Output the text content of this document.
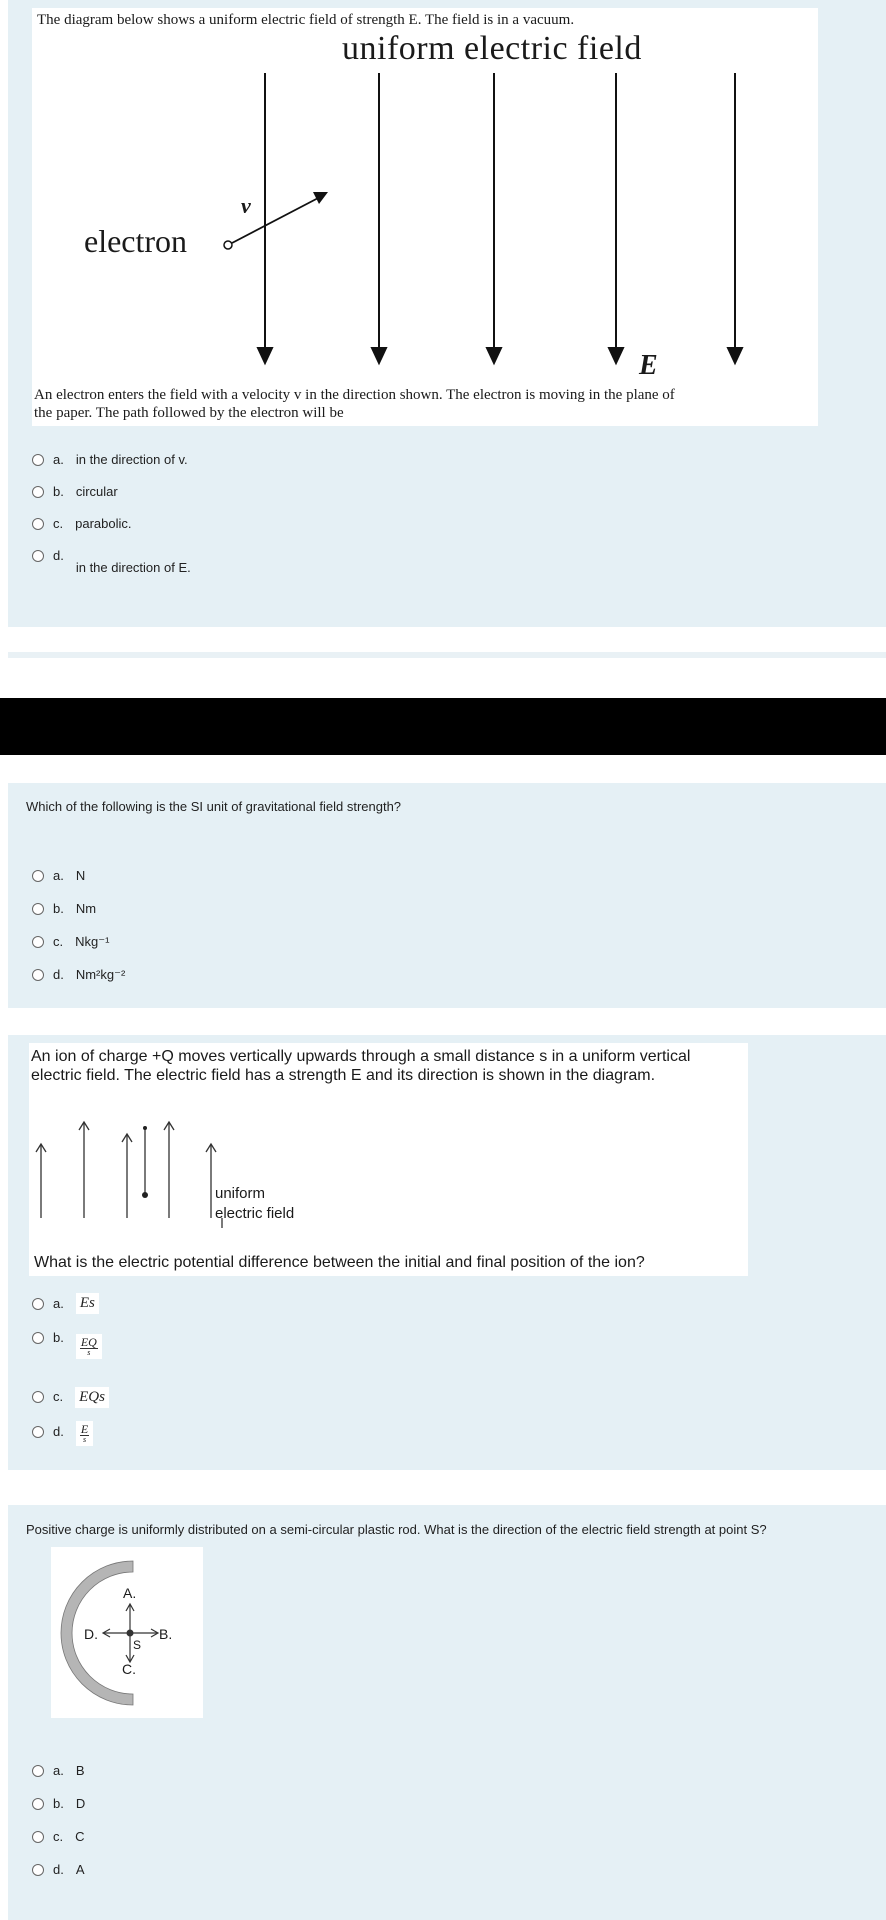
The diagram below shows a uniform electric field of strength E. The field is in a vacuum.
uniform electric field
electron
v
E
An electron enters the field with a velocity v in the direction shown. The electron is moving in the plane of
the paper. The path followed by the electron will be
a. in the direction of v.
b. circular
c. parabolic.
d.
in the direction of E.
Which of the following is the SI unit of gravitational field strength?
a. N
b. Nm
c. Nkg⁻¹
d. Nm²kg⁻²
An ion of charge +Q moves vertically upwards through a small distance s in a uniform vertical
electric field. The electric field has a strength E and its direction is shown in the diagram.
uniform
electric field
What is the electric potential difference between the initial and final position of the ion?
a. Es
b. $\frac{EQ}{s}$
c. EQs
d. $\frac{E}{s}$
Positive charge is uniformly distributed on a semi-circular plastic rod. What is the direction of the electric field strength at point S?
A.
B.
C.
D.
S
a. B
b. D
c. C
d. A
